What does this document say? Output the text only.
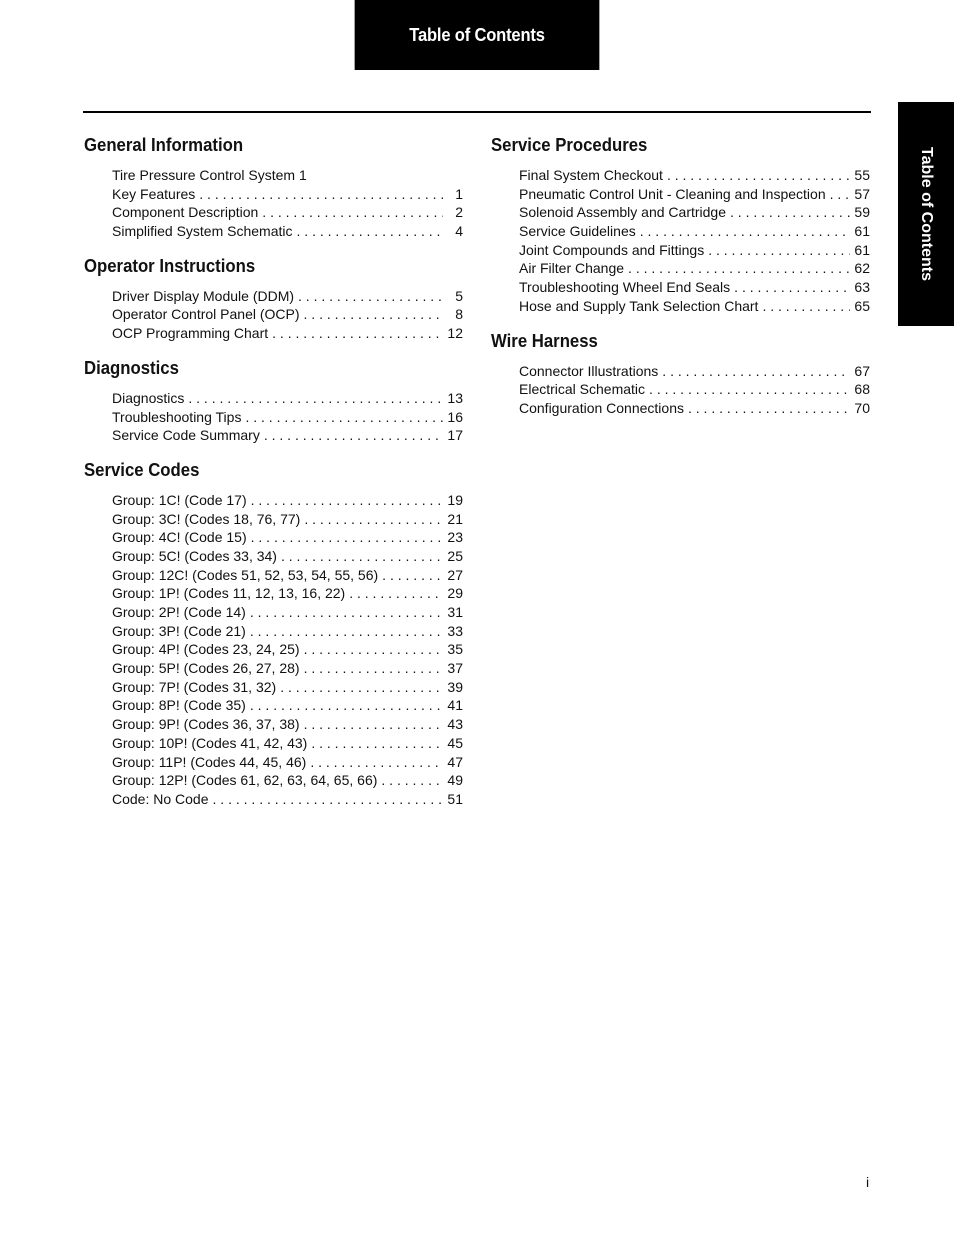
Table of Contents
Table of Contents
General Information
Tire Pressure Control System 1
Key Features . . .	1
Component Description . . .	2
Simplified System Schematic . . .	4
Operator Instructions
Driver Display Module (DDM) . . .	5
Operator Control Panel (OCP) . . .	8
OCP Programming Chart . . .	12
Diagnostics
Diagnostics . . .	13
Troubleshooting Tips . . .	16
Service Code Summary . . .	17
Service Codes
Group: 1C! (Code 17) . . .	19
Group: 3C! (Codes 18, 76, 77) . . .	21
Group: 4C! (Code 15) . . .	23
Group: 5C! (Codes 33, 34) . . .	25
Group: 12C! (Codes 51, 52, 53, 54, 55, 56) . . .	27
Group: 1P! (Codes 11, 12, 13, 16, 22) . . .	29
Group: 2P! (Code 14) . . .	31
Group: 3P! (Code 21) . . .	33
Group: 4P! (Codes 23, 24, 25) . . .	35
Group: 5P! (Codes 26, 27, 28) . . .	37
Group: 7P! (Codes 31, 32) . . .	39
Group: 8P! (Code 35) . . .	41
Group: 9P! (Codes 36, 37, 38) . . .	43
Group: 10P! (Codes 41, 42, 43) . . .	45
Group: 11P! (Codes 44, 45, 46) . . .	47
Group: 12P! (Codes 61, 62, 63, 64, 65, 66) . . .	49
Code: No Code . . .	51
Service Procedures
Final System Checkout . . .	55
Pneumatic Control Unit - Cleaning and Inspection . . . 57
Solenoid Assembly and Cartridge . . .	59
Service Guidelines . . .	61
Joint Compounds and Fittings . . .	61
Air Filter Change . . .	62
Troubleshooting Wheel End Seals . . .	63
Hose and Supply Tank Selection Chart . . .	65
Wire Harness
Connector Illustrations . . .	67
Electrical Schematic . . .	68
Configuration Connections . . .	70
i
